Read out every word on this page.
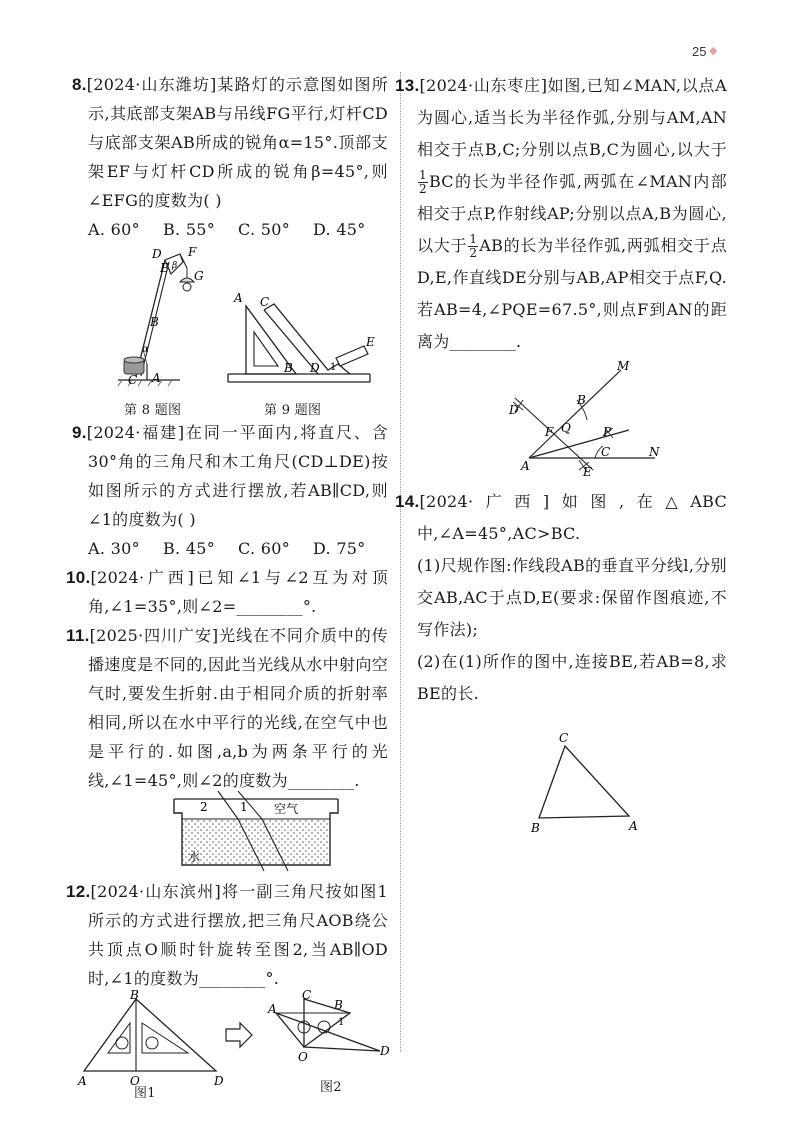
25 ◆
8.[2024·山东潍坊]某路灯的示意图如图所示,其底部支架AB与吊线FG平行,灯杆CD与底部支架AB所成的锐角α=15°.顶部支架EF与灯杆CD所成的锐角β=45°,则∠EFG的度数为( )
A. 60°	B. 55°	C. 50°	D. 45°
C A
B
α
D
E β
F
G
A C
B D 1
E
第 8 题图	第 9 题图
9.[2024·福建]在同一平面内,将直尺、含30°角的三角尺和木工角尺(CD⊥DE)按如图所示的方式进行摆放,若AB∥CD,则∠1的度数为( )
A. 30°	B. 45°	C. 60°	D. 75°
10.[2024·广西]已知∠1与∠2互为对顶角,∠1=35°,则∠2=________°.
11.[2025·四川广安]光线在不同介质中的传播速度是不同的,因此当光线从水中射向空气时,要发生折射.由于相同介质的折射率相同,所以在水中平行的光线,在空气中也是平行的.如图,a,b为两条平行的光线,∠1=45°,则∠2的度数为________.
2	1 空气
水
12.[2024·山东滨州]将一副三角尺按如图1所示的方式进行摆放,把三角尺AOB绕公共顶点O顺时针旋转至图2,当AB∥OD时,∠1的度数为________°.
A
B
O	D
A
C
B
1
O	D
图1	图2
13.[2024·山东枣庄]如图,已知∠MAN,以点A为圆心,适当长为半径作弧,分别与AM,AN相交于点B,C;分别以点B,C为圆心,以大于
$\frac{1}{2}$ BC的长为半径作弧,两弧在∠MAN内部相交于点P,作射线AP;分别以点A,B为圆心,以大于 $\frac{1}{2}$ AB的长为半径作弧,两弧相交于点D,E,作直线DE分别与AB,AP相交于点F,Q.若AB=4,∠PQE=67.5°,则点F到AN的距离为________.
M
B
D
F Q	P
A
C
E
N
14.[2024·广西]如图,在△ABC中,∠A=45°,AC>BC.
(1)尺规作图:作线段AB的垂直平分线l,分别交AB,AC于点D,E(要求:保留作图痕迹,不写作法);
(2)在(1)所作的图中,连接BE,若AB=8,求BE的长.
C
B	A
